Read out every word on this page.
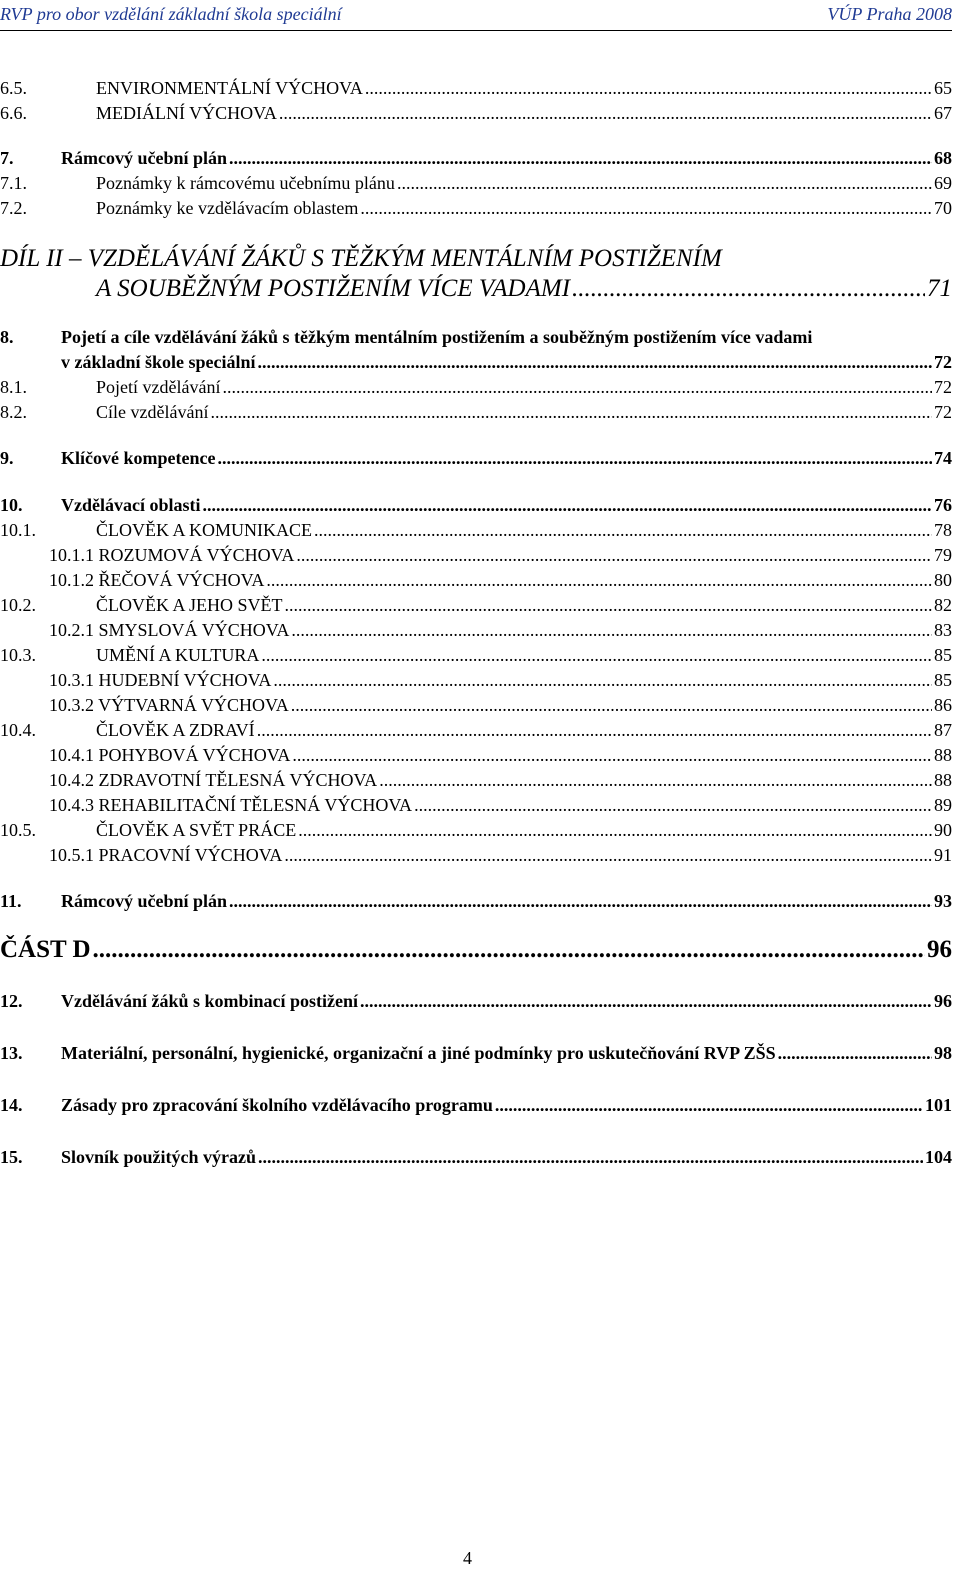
RVP pro obor vzdělání základní škola speciální	VÚP Praha 2008
6.5.	ENVIRONMENTÁLNÍ VÝCHOVA .....	65
6.6.	MEDIÁLNÍ VÝCHOVA .....	67
7.	Rámcový učební plán .....	68
7.1.	Poznámky k rámcovému učebnímu plánu .....	69
7.2.	Poznámky ke vzdělávacím oblastem .....	70
DÍL II – VZDĚLÁVÁNÍ ŽÁKŮ S TĚŽKÝM MENTÁLNÍM POSTIŽENÍM
A SOUBĚŽNÝM POSTIŽENÍM VÍCE VADAMI .....	71
8.	Pojetí a cíle vzdělávání žáků s těžkým mentálním postižením a souběžným postižením více vadami
v základní škole speciální .....	72
8.1.	Pojetí vzdělávání .....	72
8.2.	Cíle vzdělávání .....	72
9.	Klíčové kompetence .....	74
10. Vzdělávací oblasti .....	76
10.1.	ČLOVĚK A KOMUNIKACE .....	78
10.1.1 ROZUMOVÁ VÝCHOVA .....	79
10.1.2 ŘEČOVÁ VÝCHOVA .....	80
10.2.	ČLOVĚK A JEHO SVĚT .....	82
10.2.1 SMYSLOVÁ VÝCHOVA .....	83
10.3.	UMĚNÍ A KULTURA .....	85
10.3.1 HUDEBNÍ VÝCHOVA .....	85
10.3.2 VÝTVARNÁ VÝCHOVA .....	86
10.4.	ČLOVĚK A ZDRAVÍ .....	87
10.4.1 POHYBOVÁ VÝCHOVA .....	88
10.4.2 ZDRAVOTNÍ TĚLESNÁ VÝCHOVA .....	88
10.4.3 REHABILITAČNÍ TĚLESNÁ VÝCHOVA .....	89
10.5.	ČLOVĚK A SVĚT PRÁCE .....	90
10.5.1 PRACOVNÍ VÝCHOVA .....	91
11. Rámcový učební plán .....	93
ČÁST D .....	96
12. Vzdělávání žáků s kombinací postižení .....	96
13. Materiální, personální, hygienické, organizační a jiné podmínky pro uskutečňování RVP ZŠS .....	98
14. Zásady pro zpracování školního vzdělávacího programu .....	101
15. Slovník použitých výrazů .....	104
4
